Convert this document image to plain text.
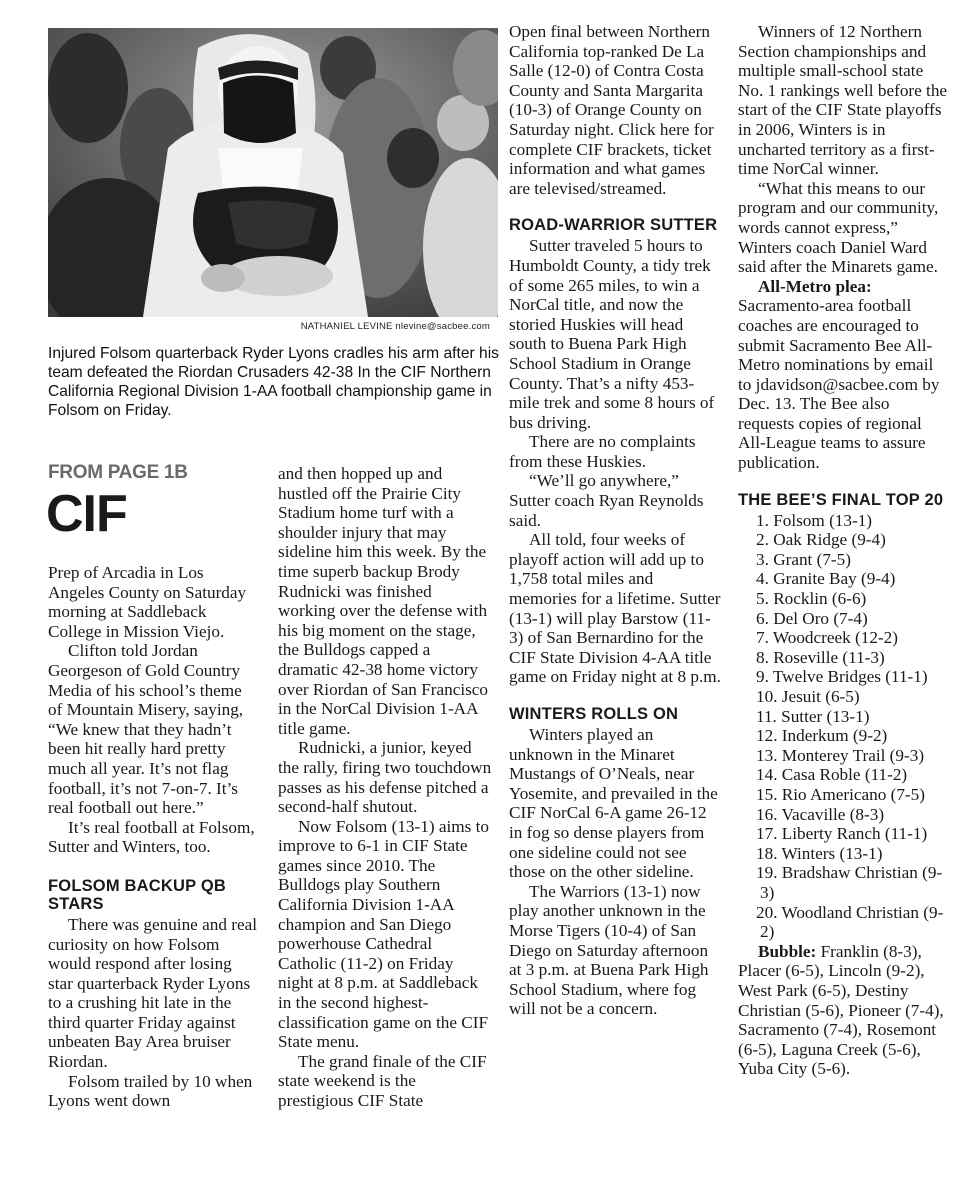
NATHANIEL LEVINE nlevine@sacbee.com
Injured Folsom quarterback Ryder Lyons cradles his arm after his team defeated the Riordan Crusaders 42-38 In the CIF Northern California Regional Division 1-AA football championship game in Folsom on Friday.
FROM PAGE 1B
CIF

Prep of Arcadia in Los Angeles County on Saturday morning at Saddleback College in Mission Viejo.

Clifton told Jordan Georgeson of Gold Country Media of his school’s theme of Mountain Misery, saying, “We knew that they hadn’t been hit really hard pretty much all year. It’s not flag football, it’s not 7-on-7. It’s real football out here.”

It’s real football at Folsom, Sutter and Winters, too.

FOLSOM BACKUP QB STARS

There was genuine and real curiosity on how Folsom would respond after losing star quarterback Ryder Lyons to a crushing hit late in the third quarter Friday against unbeaten Bay Area bruiser Riordan.

Folsom trailed by 10 when Lyons went down

and then hopped up and hustled off the Prairie City Stadium home turf with a shoulder injury that may sideline him this week. By the time superb backup Brody Rudnicki was finished working over the defense with his big moment on the stage, the Bulldogs capped a dramatic 42-38 home victory over Riordan of San Francisco in the NorCal Division 1-AA title game.

Rudnicki, a junior, keyed the rally, firing two touchdown passes as his defense pitched a second-half shutout.

Now Folsom (13-1) aims to improve to 6-1 in CIF State games since 2010. The Bulldogs play Southern California Division 1-AA champion and San Diego powerhouse Cathedral Catholic (11-2) on Friday night at 8 p.m. at Saddleback in the second highest-classification game on the CIF State menu.

The grand finale of the CIF state weekend is the prestigious CIF State

Open final between Northern California top-ranked De La Salle (12-0) of Contra Costa County and Santa Margarita (10-3) of Orange County on Saturday night. Click here for complete CIF brackets, ticket information and what games are televised/streamed.

ROAD-WARRIOR SUTTER

Sutter traveled 5 hours to Humboldt County, a tidy trek of some 265 miles, to win a NorCal title, and now the storied Huskies will head south to Buena Park High School Stadium in Orange County. That’s a nifty 453-mile trek and some 8 hours of bus driving.

There are no complaints from these Huskies.

“We’ll go anywhere,” Sutter coach Ryan Reynolds said.

All told, four weeks of playoff action will add up to 1,758 total miles and memories for a lifetime. Sutter (13-1) will play Barstow (11-3) of San Bernardino for the CIF State Division 4-AA title game on Friday night at 8 p.m.

WINTERS ROLLS ON

Winters played an unknown in the Minaret Mustangs of O’Neals, near Yosemite, and prevailed in the CIF NorCal 6-A game 26-12 in fog so dense players from one sideline could not see those on the other sideline.

The Warriors (13-1) now play another unknown in the Morse Tigers (10-4) of San Diego on Saturday afternoon at 3 p.m. at Buena Park High School Stadium, where fog will not be a concern.

Winners of 12 Northern Section championships and multiple small-school state No. 1 rankings well before the start of the CIF State playoffs in 2006, Winters is in uncharted territory as a first-time NorCal winner.

“What this means to our program and our community, words cannot express,” Winters coach Daniel Ward said after the Minarets game.

All-Metro plea: Sacramento-area football coaches are encouraged to submit Sacramento Bee All-Metro nominations by email to jdavidson@sacbee.com by Dec. 13. The Bee also requests copies of regional All-League teams to assure publication.

THE BEE’S FINAL TOP 20
1. Folsom (13-1)
2. Oak Ridge (9-4)
3. Grant (7-5)
4. Granite Bay (9-4)
5. Rocklin (6-6)
6. Del Oro (7-4)
7. Woodcreek (12-2)
8. Roseville (11-3)
9. Twelve Bridges (11-1)
10. Jesuit (6-5)
11. Sutter (13-1)
12. Inderkum (9-2)
13. Monterey Trail (9-3)
14. Casa Roble (11-2)
15. Rio Americano (7-5)
16. Vacaville (8-3)
17. Liberty Ranch (11-1)
18. Winters (13-1)
19. Bradshaw Christian (9-3)
20. Woodland Christian (9-2)

Bubble: Franklin (8-3), Placer (6-5), Lincoln (9-2), West Park (6-5), Destiny Christian (5-6), Pioneer (7-4), Sacramento (7-4), Rosemont (6-5), Laguna Creek (5-6), Yuba City (5-6).
